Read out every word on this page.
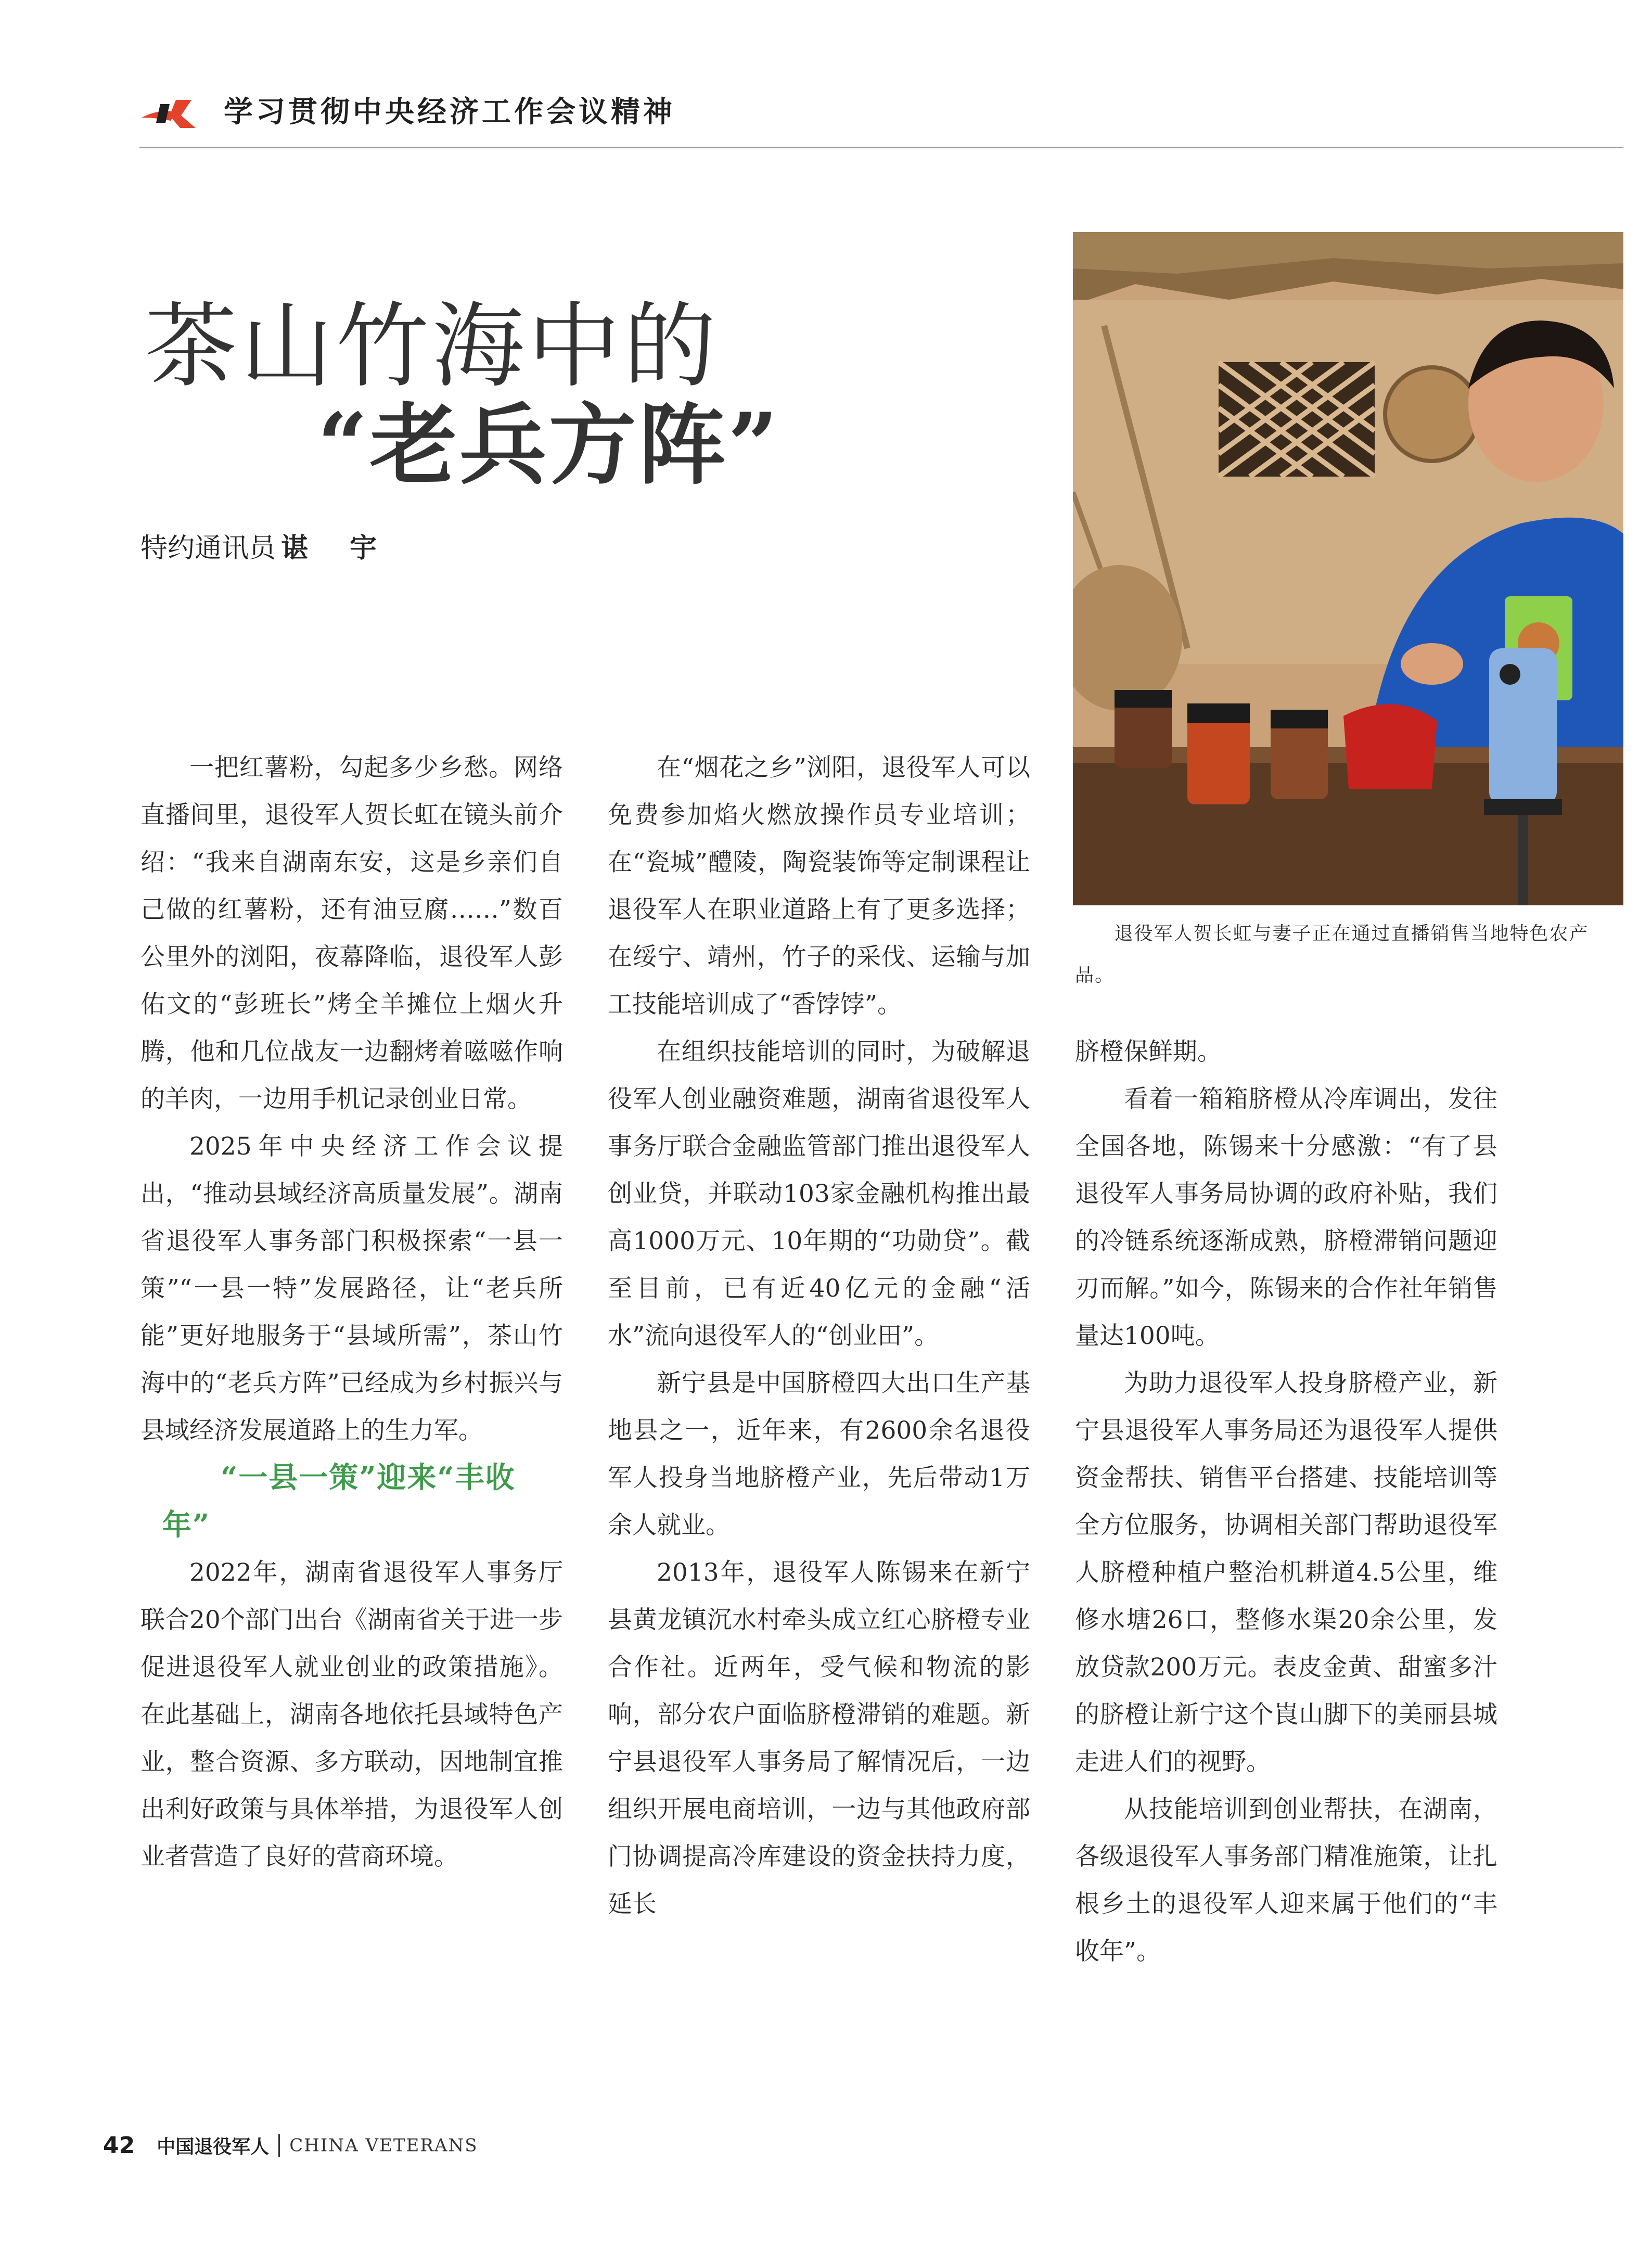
学习贯彻中央经济工作会议精神
茶山竹海中的
“老兵方阵”
特约通讯员 谌　宇
退役军人贺长虹与妻子正在通过直播销售当地特色农产品。

一把红薯粉，勾起多少乡愁。网络直播间里，退役军人贺长虹在镜头前介绍：“我来自湖南东安，这是乡亲们自己做的红薯粉，还有油豆腐……”数百公里外的浏阳，夜幕降临，退役军人彭佑文的“彭班长”烤全羊摊位上烟火升腾，他和几位战友一边翻烤着嗞嗞作响的羊肉，一边用手机记录创业日常。

2025年中央经济工作会议提出，“推动县域经济高质量发展”。湖南省退役军人事务部门积极探索“一县一策”“一县一特”发展路径，让“老兵所能”更好地服务于“县域所需”，茶山竹海中的“老兵方阵”已经成为乡村振兴与县域经济发展道路上的生力军。

“一县一策”迎来“丰收年”

2022年，湖南省退役军人事务厅联合20个部门出台《湖南省关于进一步促进退役军人就业创业的政策措施》。在此基础上，湖南各地依托县域特色产业，整合资源、多方联动，因地制宜推出利好政策与具体举措，为退役军人创业者营造了良好的营商环境。

在“烟花之乡”浏阳，退役军人可以免费参加焰火燃放操作员专业培训；在“瓷城”醴陵，陶瓷装饰等定制课程让退役军人在职业道路上有了更多选择；在绥宁、靖州，竹子的采伐、运输与加工技能培训成了“香饽饽”。

在组织技能培训的同时，为破解退役军人创业融资难题，湖南省退役军人事务厅联合金融监管部门推出退役军人创业贷，并联动103家金融机构推出最高1000万元、10年期的“功勋贷”。截至目前，已有近40亿元的金融“活水”流向退役军人的“创业田”。

新宁县是中国脐橙四大出口生产基地县之一，近年来，有2600余名退役军人投身当地脐橙产业，先后带动1万余人就业。

2013年，退役军人陈锡来在新宁县黄龙镇沉水村牵头成立红心脐橙专业合作社。近两年，受气候和物流的影响，部分农户面临脐橙滞销的难题。新宁县退役军人事务局了解情况后，一边组织开展电商培训，一边与其他政府部门协调提高冷库建设的资金扶持力度，延长

脐橙保鲜期。

看着一箱箱脐橙从冷库调出，发往全国各地，陈锡来十分感激：“有了县退役军人事务局协调的政府补贴，我们的冷链系统逐渐成熟，脐橙滞销问题迎刃而解。”如今，陈锡来的合作社年销售量达100吨。

为助力退役军人投身脐橙产业，新宁县退役军人事务局还为退役军人提供资金帮扶、销售平台搭建、技能培训等全方位服务，协调相关部门帮助退役军人脐橙种植户整治机耕道4.5公里，维修水塘26口，整修水渠20余公里，发放贷款200万元。表皮金黄、甜蜜多汁的脐橙让新宁这个崀山脚下的美丽县城走进人们的视野。

从技能培训到创业帮扶，在湖南，各级退役军人事务部门精准施策，让扎根乡土的退役军人迎来属于他们的“丰收年”。

42 中国退役军人 CHINA VETERANS
